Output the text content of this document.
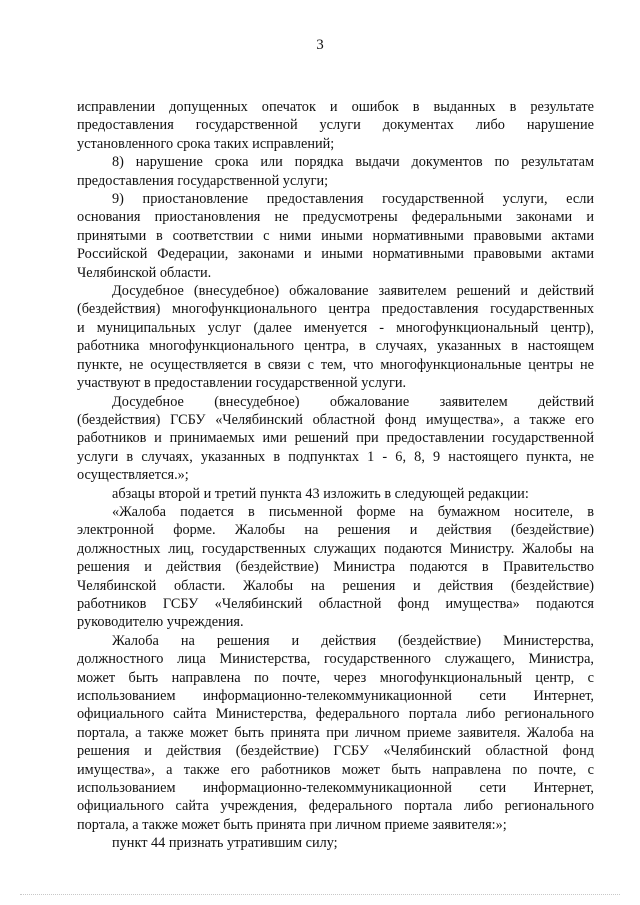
3

исправлении допущенных опечаток и ошибок в выданных в результате

предоставления государственной услуги документах либо нарушение

установленного срока таких исправлений;

8) нарушение срока или порядка выдачи документов по результатам

предоставления государственной услуги;

9) приостановление предоставления государственной услуги, если

основания приостановления не предусмотрены федеральными законами и

принятыми в соответствии с ними иными нормативными правовыми актами

Российской Федерации, законами и иными нормативными правовыми актами

Челябинской области.

Досудебное (внесудебное) обжалование заявителем решений и действий

(бездействия) многофункционального центра предоставления государственных

и муниципальных услуг (далее именуется - многофункциональный центр),

работника многофункционального центра, в случаях, указанных в настоящем

пункте, не осуществляется в связи с тем, что многофункциональные центры не

участвуют в предоставлении государственной услуги.

Досудебное (внесудебное) обжалование заявителем действий

(бездействия) ГСБУ «Челябинский областной фонд имущества», а также его

работников и принимаемых ими решений при предоставлении государственной

услуги в случаях, указанных в подпунктах 1 - 6, 8, 9 настоящего пункта, не

осуществляется.»;

абзацы второй и третий пункта 43 изложить в следующей редакции:

«Жалоба подается в письменной форме на бумажном носителе, в

электронной форме. Жалобы на решения и действия (бездействие)

должностных лиц, государственных служащих подаются Министру. Жалобы на

решения и действия (бездействие) Министра подаются в Правительство

Челябинской области. Жалобы на решения и действия (бездействие)

работников ГСБУ «Челябинский областной фонд имущества» подаются

руководителю учреждения.

Жалоба на решения и действия (бездействие) Министерства,

должностного лица Министерства, государственного служащего, Министра,

может быть направлена по почте, через многофункциональный центр, с

использованием информационно-телекоммуникационной сети Интернет,

официального сайта Министерства, федерального портала либо регионального

портала, а также может быть принята при личном приеме заявителя. Жалоба на

решения и действия (бездействие) ГСБУ «Челябинский областной фонд

имущества», а также его работников может быть направлена по почте, с

использованием информационно-телекоммуникационной сети Интернет,

официального сайта учреждения, федерального портала либо регионального

портала, а также может быть принята при личном приеме заявителя:»;

пункт 44 признать утратившим силу;
